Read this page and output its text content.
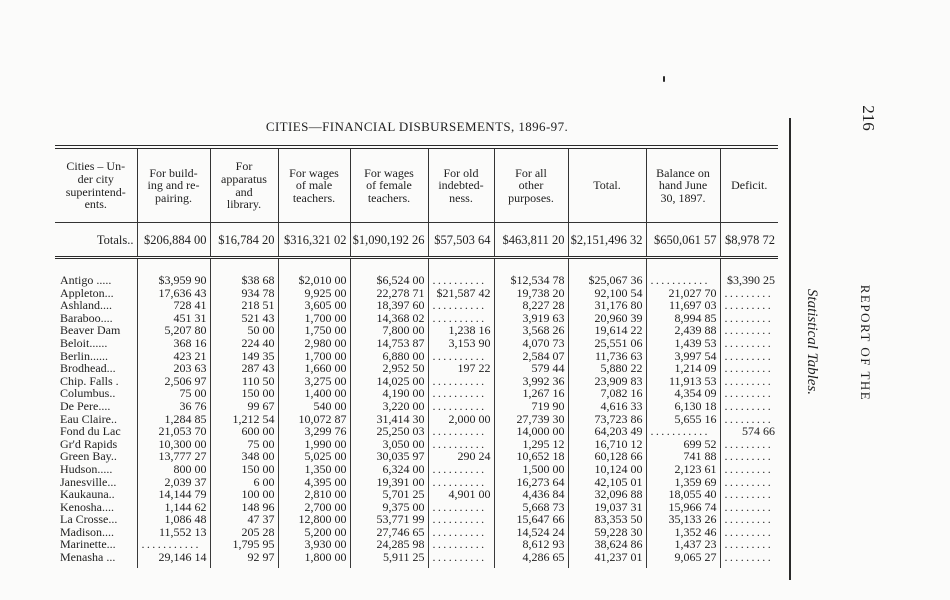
CITIES—FINANCIAL DISBURSEMENTS, 1896-97.
Statistical Tables.	REPORT OF THE
216
Cities – Un-
der city
superintend-
ents.	For build-
ing and re-
pairing.	For
apparatus
and
library.	For wages
of male
teachers.	For wages
of female
teachers.	For old
indebted-
ness.	For all
other
purposes.	Total.	Balance on
hand June
30, 1897.	Deficit.

Totals..	$206,884 00	$16,784 20	$316,321 02	$1,090,192 26	$57,503 64	$463,811 20	$2,151,496 32	$650,061 57	$8,978 72

Antigo .....	$3,959 90	$38 68	$2,010 00	$6,524 00	..........	$12,534 78	$25,067 36	...........	$3,390 25
Appleton...	17,636 43	934 78	9,925 00	22,278 71	$21,587 42	19,738 20	92,100 54	21,027 70	.........
Ashland....	728 41	218 51	3,605 00	18,397 60	..........	8,227 28	31,176 80	11,697 03	.........
Baraboo....	451 31	521 43	1,700 00	14,368 02	..........	3,919 63	20,960 39	8,994 85	.........
Beaver Dam	5,207 80	50 00	1,750 00	7,800 00	1,238 16	3,568 26	19,614 22	2,439 88	.........
Beloit......	368 16	224 40	2,980 00	14,753 87	3,153 90	4,070 73	25,551 06	1,439 53	.........
Berlin......	423 21	149 35	1,700 00	6,880 00	..........	2,584 07	11,736 63	3,997 54	.........
Brodhead...	203 63	287 43	1,660 00	2,952 50	197 22	579 44	5,880 22	1,214 09	.........
Chip. Falls .	2,506 97	110 50	3,275 00	14,025 00	..........	3,992 36	23,909 83	11,913 53	.........
Columbus..	75 00	150 00	1,400 00	4,190 00	..........	1,267 16	7,082 16	4,354 09	.........
De Pere....	36 76	99 67	540 00	3,220 00	..........	719 90	4,616 33	6,130 18	.........
Eau Claire..	1,284 85	1,212 54	10,072 87	31,414 30	2,000 00	27,739 30	73,723 86	5,655 16	.........
Fond du Lac	21,053 70	600 00	3,299 76	25,250 03	..........	14,000 00	64,203 49	...........	574 66
Gr'd Rapids	10,300 00	75 00	1,990 00	3,050 00	..........	1,295 12	16,710 12	699 52	.........
Green Bay..	13,777 27	348 00	5,025 00	30,035 97	290 24	10,652 18	60,128 66	741 88	.........
Hudson.....	800 00	150 00	1,350 00	6,324 00	..........	1,500 00	10,124 00	2,123 61	.........
Janesville...	2,039 37	6 00	4,395 00	19,391 00	..........	16,273 64	42,105 01	1,359 69	.........
Kaukauna..	14,144 79	100 00	2,810 00	5,701 25	4,901 00	4,436 84	32,096 88	18,055 40	.........
Kenosha....	1,144 62	148 96	2,700 00	9,375 00	..........	5,668 73	19,037 31	15,966 74	.........
La Crosse...	1,086 48	47 37	12,800 00	53,771 99	..........	15,647 66	83,353 50	35,133 26	.........
Madison....	11,552 13	205 28	5,200 00	27,746 65	..........	14,524 24	59,228 30	1,352 46	.........
Marinette...	...........	1,795 95	3,930 00	24,285 98	..........	8,612 93	38,624 86	1,437 23	.........
Menasha ...	29,146 14	92 97	1,800 00	5,911 25	..........	4,286 65	41,237 01	9,065 27	.........
